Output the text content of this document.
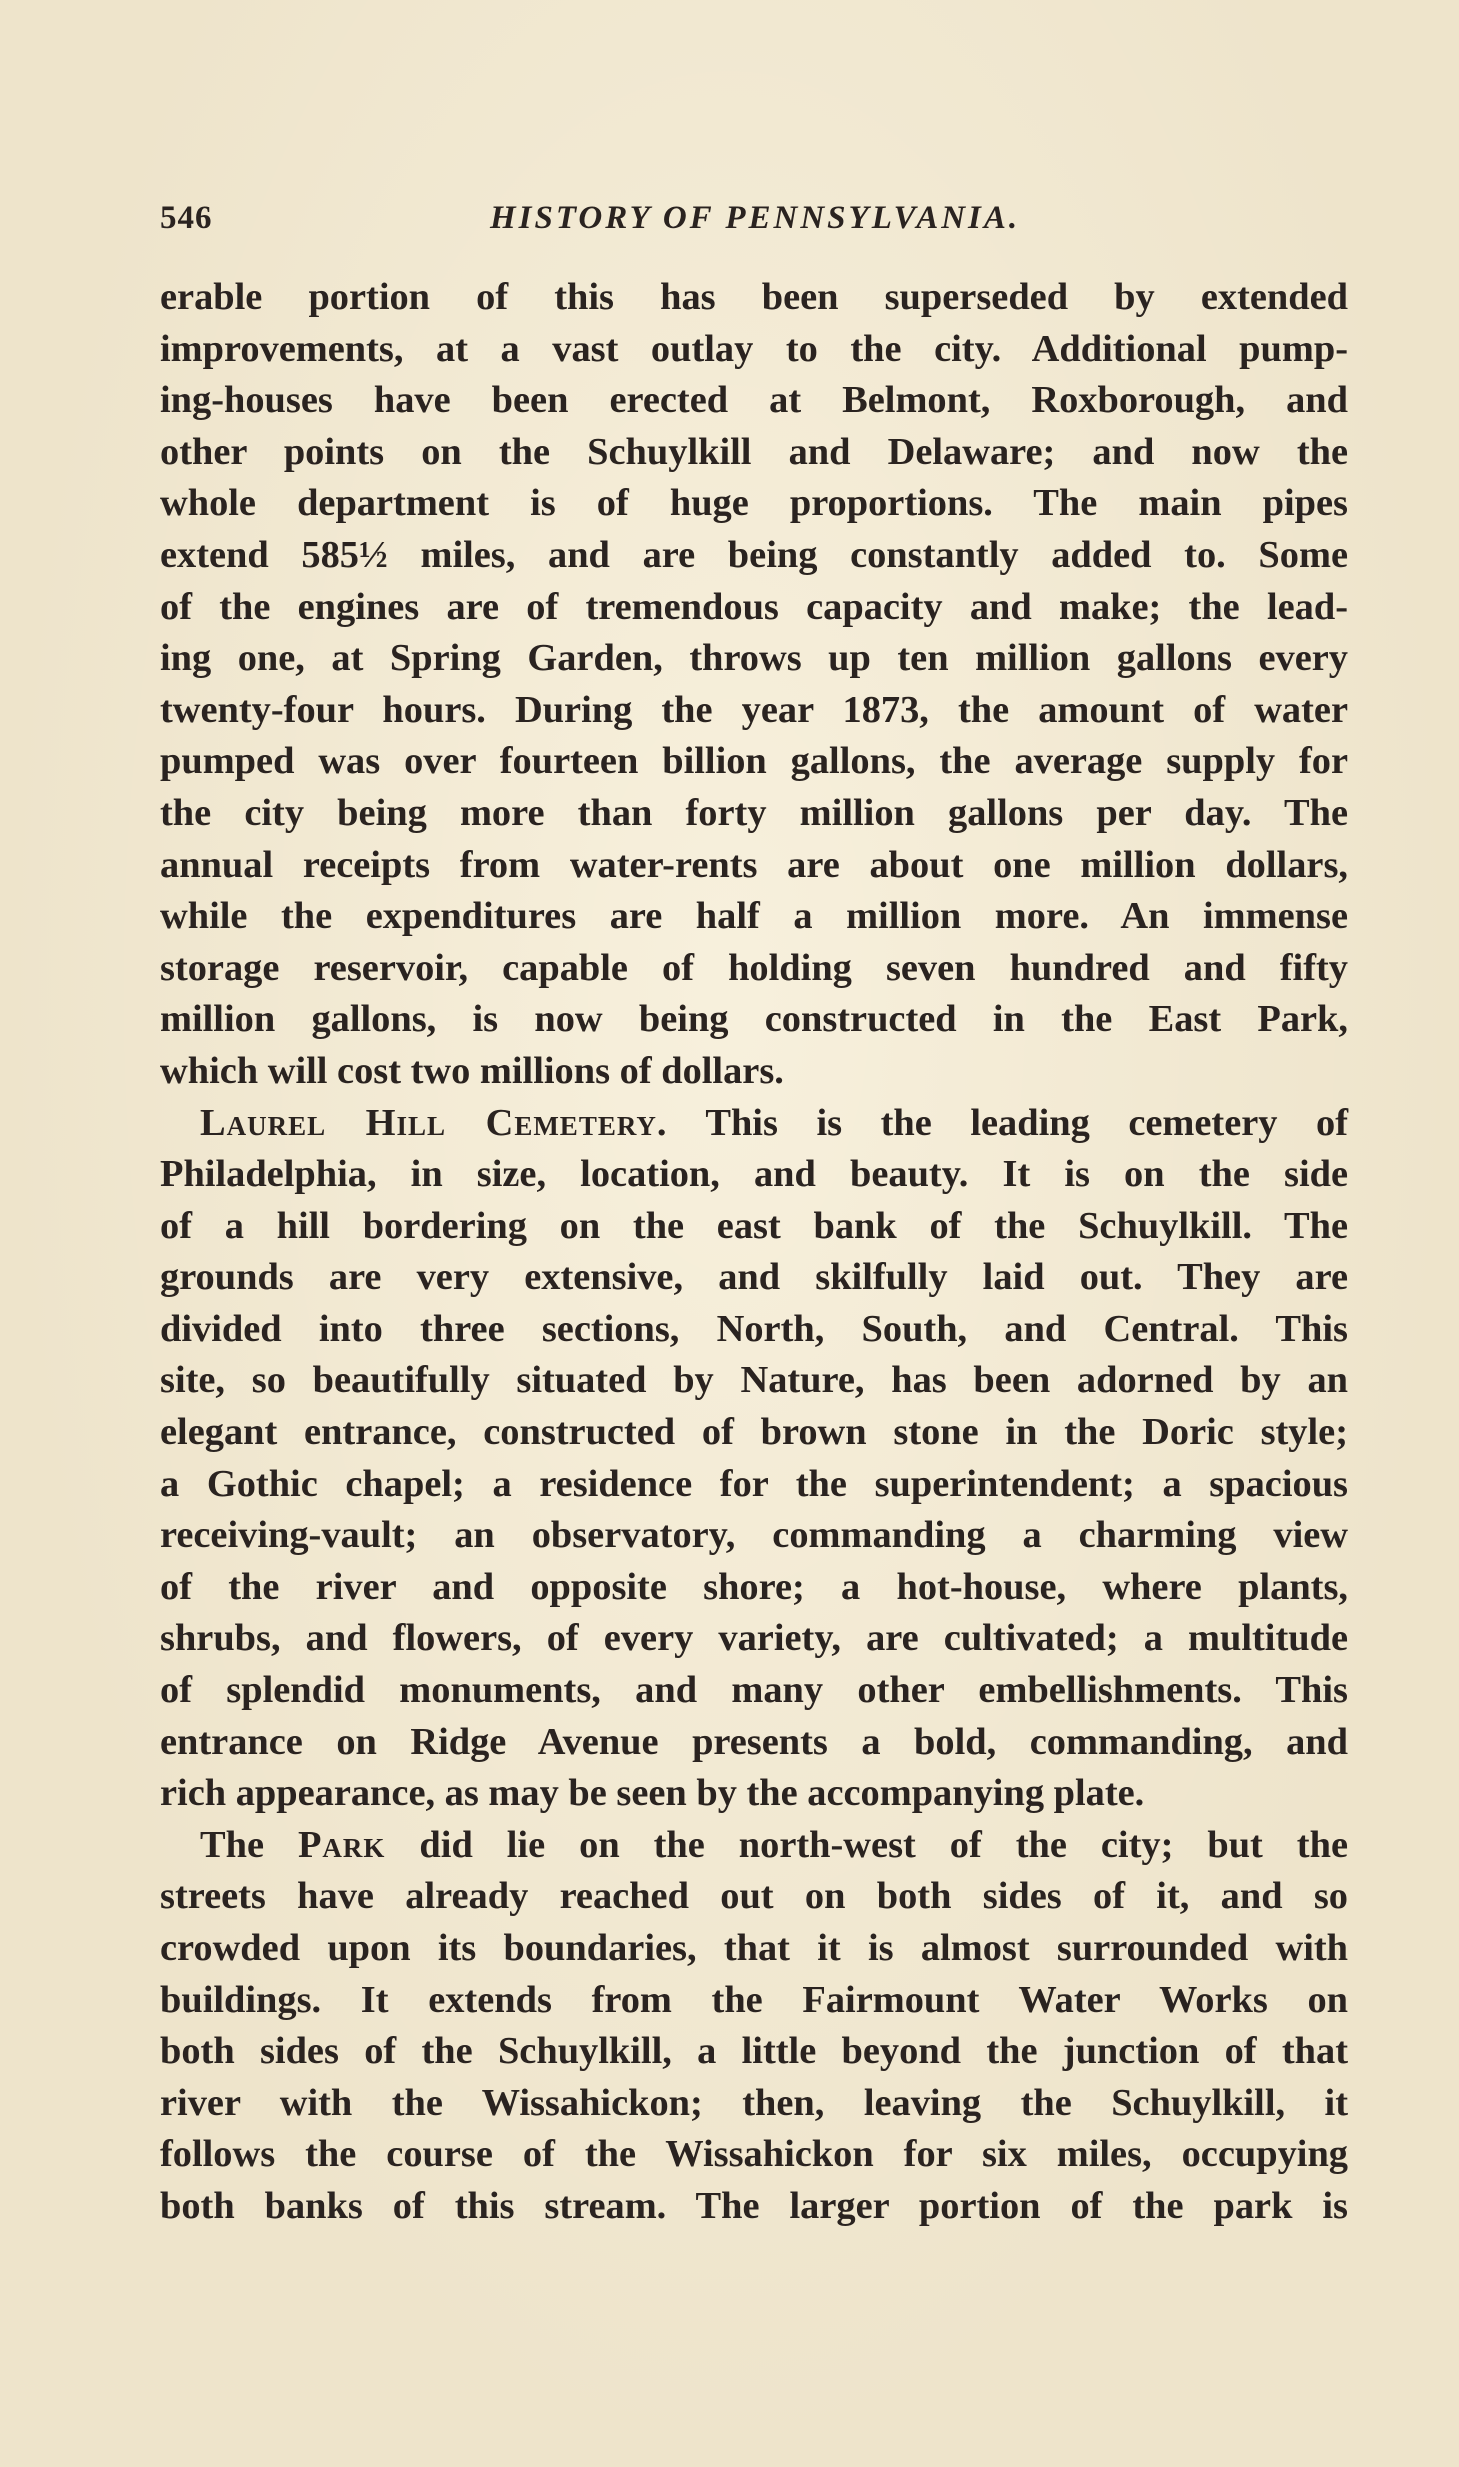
546	HISTORY OF PENNSYLVANIA.
erable portion of this has been superseded by extended
improvements, at a vast outlay to the city. Additional pump-
ing-houses have been erected at Belmont, Roxborough, and
other points on the Schuylkill and Delaware; and now the
whole department is of huge proportions. The main pipes
extend 585½ miles, and are being constantly added to. Some
of the engines are of tremendous capacity and make; the lead-
ing one, at Spring Garden, throws up ten million gallons every
twenty-four hours. During the year 1873, the amount of water
pumped was over fourteen billion gallons, the average supply for
the city being more than forty million gallons per day. The
annual receipts from water-rents are about one million dollars,
while the expenditures are half a million more. An immense
storage reservoir, capable of holding seven hundred and fifty
million gallons, is now being constructed in the East Park,
which will cost two millions of dollars.
Laurel Hill Cemetery. This is the leading cemetery of
Philadelphia, in size, location, and beauty. It is on the side
of a hill bordering on the east bank of the Schuylkill. The
grounds are very extensive, and skilfully laid out. They are
divided into three sections, North, South, and Central. This
site, so beautifully situated by Nature, has been adorned by an
elegant entrance, constructed of brown stone in the Doric style;
a Gothic chapel; a residence for the superintendent; a spacious
receiving-vault; an observatory, commanding a charming view
of the river and opposite shore; a hot-house, where plants,
shrubs, and flowers, of every variety, are cultivated; a multitude
of splendid monuments, and many other embellishments. This
entrance on Ridge Avenue presents a bold, commanding, and
rich appearance, as may be seen by the accompanying plate.
The Park did lie on the north-west of the city; but the
streets have already reached out on both sides of it, and so
crowded upon its boundaries, that it is almost surrounded with
buildings. It extends from the Fairmount Water Works on
both sides of the Schuylkill, a little beyond the junction of that
river with the Wissahickon; then, leaving the Schuylkill, it
follows the course of the Wissahickon for six miles, occupying
both banks of this stream. The larger portion of the park is
